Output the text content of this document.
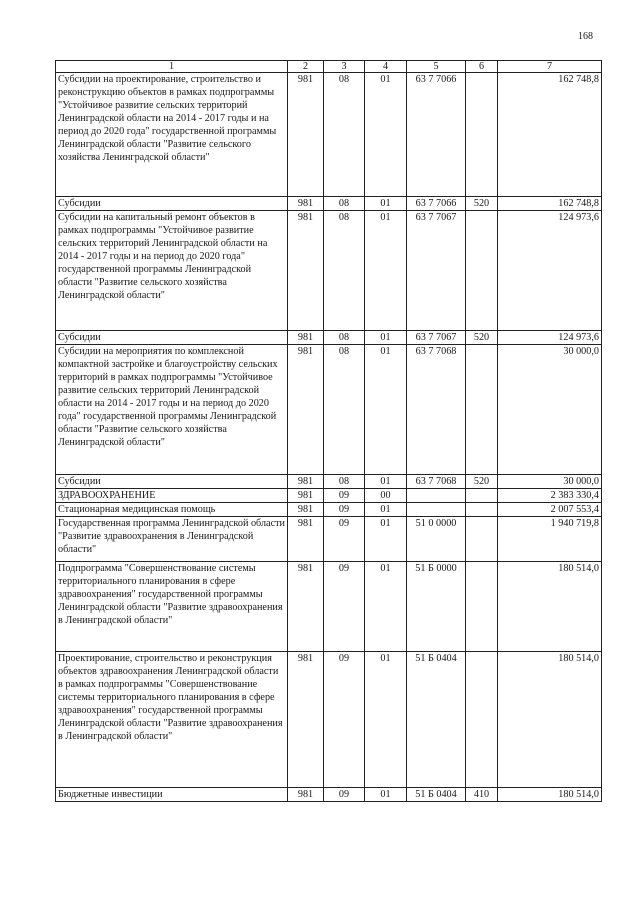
168
1	2	3	4	5	6	7
Субсидии на проектирование, строительство и реконструкцию объектов в рамках подпрограммы "Устойчивое развитие сельских территорий Ленинградской области на 2014 - 2017 годы и на период до 2020 года" государственной программы Ленинградской области "Развитие сельского хозяйства Ленинградской области"	981	08	01	63 7 7066		162 748,8
Субсидии	981	08	01	63 7 7066	520	162 748,8
Субсидии на капитальный ремонт объектов в рамках подпрограммы "Устойчивое развитие сельских территорий Ленинградской области на 2014 - 2017 годы и на период до 2020 года" государственной программы Ленинградской области "Развитие сельского хозяйства Ленинградской области"	981	08	01	63 7 7067		124 973,6
Субсидии	981	08	01	63 7 7067	520	124 973,6
Субсидии на мероприятия по комплексной компактной застройке и благоустройству сельских территорий в рамках подпрограммы "Устойчивое развитие сельских территорий Ленинградской области на 2014 - 2017 годы и на период до 2020 года" государственной программы Ленинградской области "Развитие сельского хозяйства Ленинградской области"	981	08	01	63 7 7068		30 000,0
Субсидии	981	08	01	63 7 7068	520	30 000,0
ЗДРАВООХРАНЕНИЕ	981	09	00			2 383 330,4
Стационарная медицинская помощь	981	09	01			2 007 553,4
Государственная программа Ленинградской области "Развитие здравоохранения в Ленинградской области"	981	09	01	51 0 0000		1 940 719,8
Подпрограмма "Совершенствование системы территориального планирования в сфере здравоохранения" государственной программы Ленинградской области "Развитие здравоохранения в Ленинградской области"	981	09	01	51 Б 0000		180 514,0
Проектирование, строительство и реконструкция объектов здравоохранения Ленинградской области в рамках подпрограммы "Совершенствование системы территориального планирования в сфере здравоохранения" государственной программы Ленинградской области "Развитие здравоохранения в Ленинградской области"	981	09	01	51 Б 0404		180 514,0
Бюджетные инвестиции	981	09	01	51 Б 0404	410	180 514,0
